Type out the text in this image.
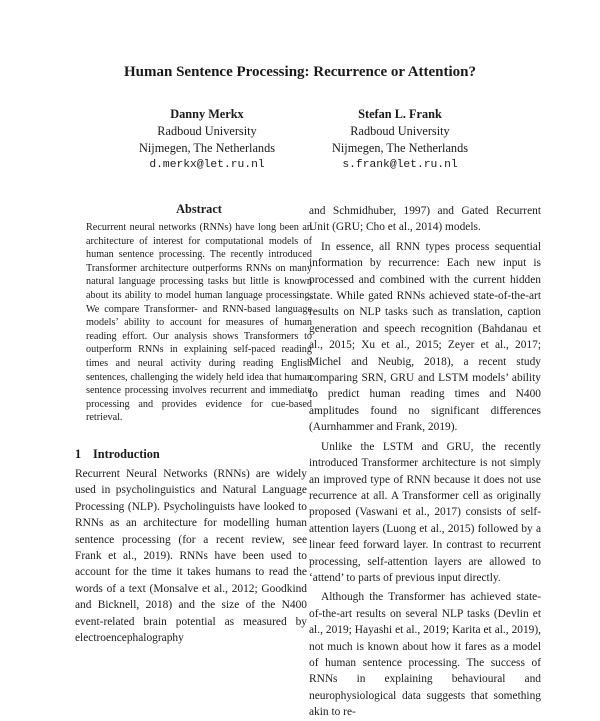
Human Sentence Processing: Recurrence or Attention?
Danny Merkx
Radboud University
Nijmegen, The Netherlands
d.merkx@let.ru.nl
Stefan L. Frank
Radboud University
Nijmegen, The Netherlands
s.frank@let.ru.nl
Abstract
Recurrent neural networks (RNNs) have long been an architecture of interest for computational models of human sentence processing. The recently introduced Transformer architecture outperforms RNNs on many natural language processing tasks but little is known about its ability to model human language processing. We compare Transformer- and RNN-based language models’ ability to account for measures of human reading effort. Our analysis shows Transformers to outperform RNNs in explaining self-paced reading times and neural activity during reading English sentences, challenging the widely held idea that human sentence processing involves recurrent and immediate processing and provides evidence for cue-based retrieval.
1 Introduction

Recurrent Neural Networks (RNNs) are widely used in psycholinguistics and Natural Language Processing (NLP). Psycholinguists have looked to RNNs as an architecture for modelling human sentence processing (for a recent review, see Frank et al., 2019). RNNs have been used to account for the time it takes humans to read the words of a text (Monsalve et al., 2012; Goodkind and Bicknell, 2018) and the size of the N400 event-related brain potential as measured by electroencephalography

and Schmidhuber, 1997) and Gated Recurrent Unit (GRU; Cho et al., 2014) models.

In essence, all RNN types process sequential information by recurrence: Each new input is processed and combined with the current hidden state. While gated RNNs achieved state-of-the-art results on NLP tasks such as translation, caption generation and speech recognition (Bahdanau et al., 2015; Xu et al., 2015; Zeyer et al., 2017; Michel and Neubig, 2018), a recent study comparing SRN, GRU and LSTM models’ ability to predict human reading times and N400 amplitudes found no significant differences (Aurnhammer and Frank, 2019).

Unlike the LSTM and GRU, the recently introduced Transformer architecture is not simply an improved type of RNN because it does not use recurrence at all. A Transformer cell as originally proposed (Vaswani et al., 2017) consists of self-attention layers (Luong et al., 2015) followed by a linear feed forward layer. In contrast to recurrent processing, self-attention layers are allowed to ‘attend’ to parts of previous input directly.

Although the Transformer has achieved state-of-the-art results on several NLP tasks (Devlin et al., 2019; Hayashi et al., 2019; Karita et al., 2019), not much is known about how it fares as a model of human sentence processing. The success of RNNs in explaining behavioural and neurophysiological data suggests that something akin to re-
